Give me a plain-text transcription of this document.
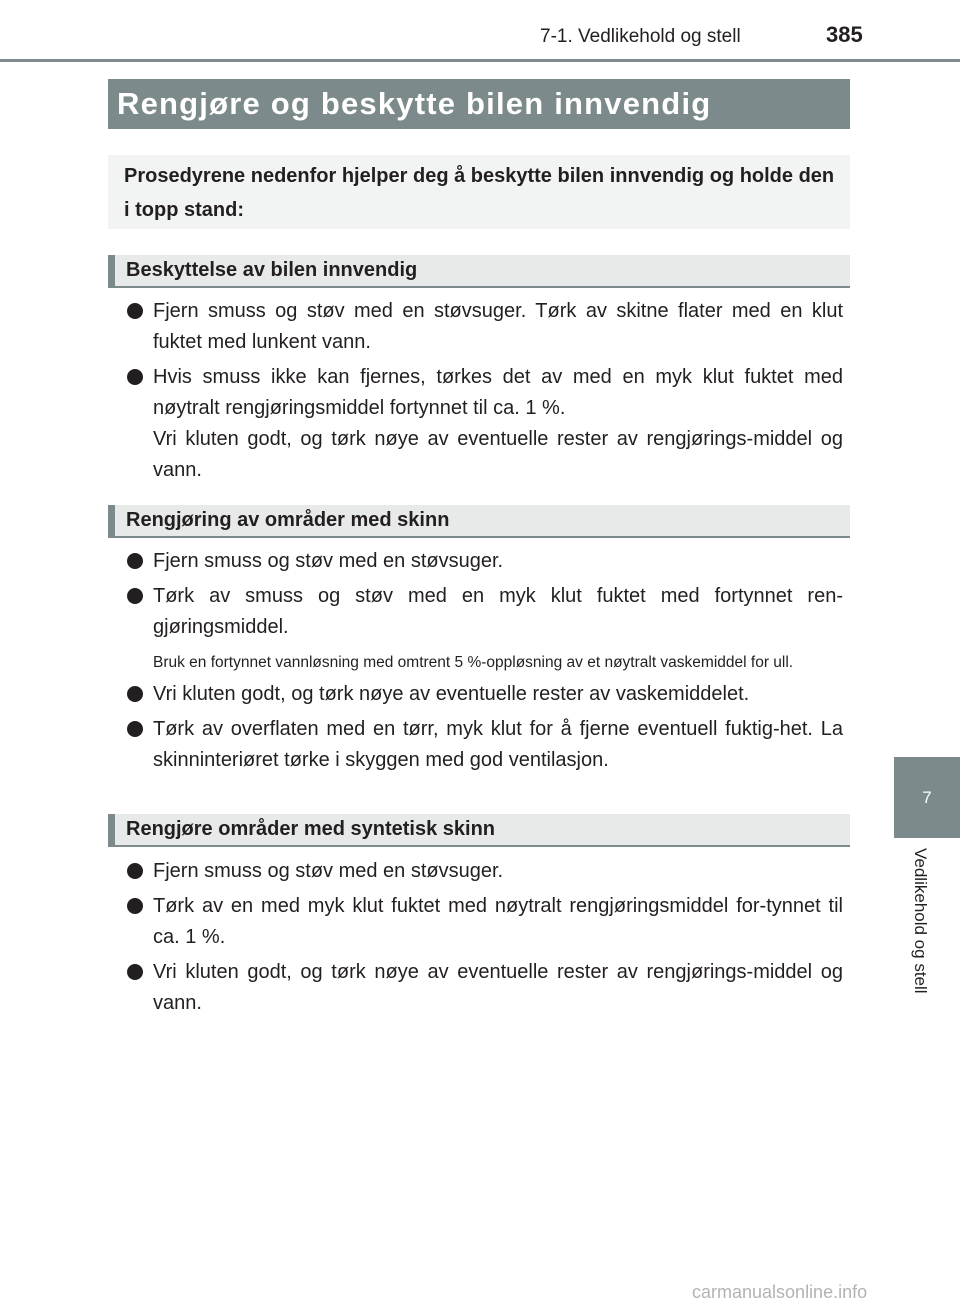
7-1. Vedlikehold og stell	385
Rengjøre og beskytte bilen innvendig
Prosedyrene nedenfor hjelper deg å beskytte bilen innvendig og holde den i topp stand:
Beskyttelse av bilen innvendig
Fjern smuss og støv med en støvsuger. Tørk av skitne flater med en klut fuktet med lunkent vann.
Hvis smuss ikke kan fjernes, tørkes det av med en myk klut fuktet med nøytralt rengjøringsmiddel fortynnet til ca. 1 %.
Vri kluten godt, og tørk nøye av eventuelle rester av rengjørings-middel og vann.
Rengjøring av områder med skinn
Fjern smuss og støv med en støvsuger.
Tørk av smuss og støv med en myk klut fuktet med fortynnet ren-gjøringsmiddel.
Bruk en fortynnet vannløsning med omtrent 5 %-oppløsning av et nøytralt vaskemiddel for ull.
Vri kluten godt, og tørk nøye av eventuelle rester av vaskemiddelet.
Tørk av overflaten med en tørr, myk klut for å fjerne eventuell fuktig-het. La skinninteriøret tørke i skyggen med god ventilasjon.
Rengjøre områder med syntetisk skinn
Fjern smuss og støv med en støvsuger.
Tørk av en med myk klut fuktet med nøytralt rengjøringsmiddel for-tynnet til ca. 1 %.
Vri kluten godt, og tørk nøye av eventuelle rester av rengjørings-middel og vann.
7
Vedlikehold og stell
carmanualsonline.info
